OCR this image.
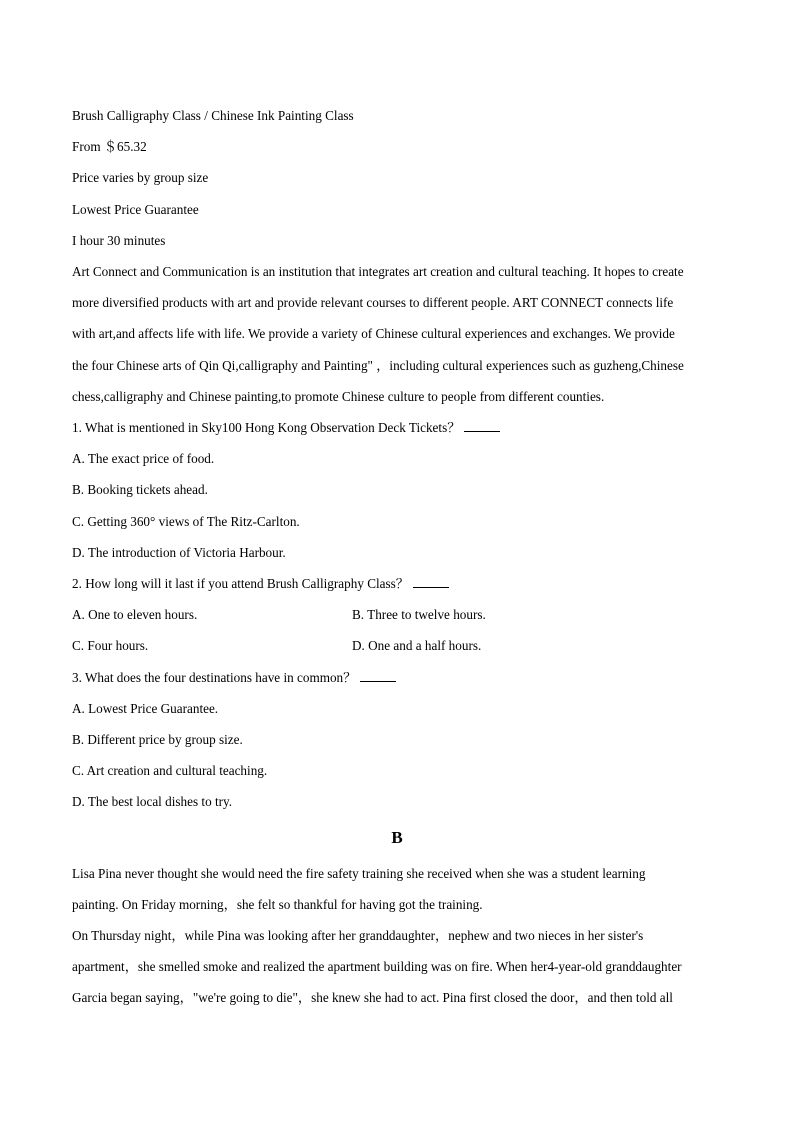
Brush Calligraphy Class / Chinese Ink Painting Class
From ＄65.32
Price varies by group size
Lowest Price Guarantee
I hour 30 minutes
Art Connect and Communication is an institution that integrates art creation and cultural teaching. It hopes to create
more diversified products with art and provide relevant courses to different people. ART CONNECT connects life
with art,and affects life with life. We provide a variety of Chinese cultural experiences and exchanges. We provide
the four Chinese arts of Qin Qi,calligraphy and Painting" ，including cultural experiences such as guzheng,Chinese
chess,calligraphy and Chinese painting,to promote Chinese culture to people from different counties.
1. What is mentioned in Sky100 Hong Kong Observation Deck Tickets？
A. The exact price of food.
B. Booking tickets ahead.
C. Getting 360° views of The Ritz-Carlton.
D. The introduction of Victoria Harbour.
2. How long will it last if you attend Brush Calligraphy Class？
A. One to eleven hours.	B. Three to twelve hours.
C. Four hours.	D. One and a half hours.
3. What does the four destinations have in common？
A. Lowest Price Guarantee.
B. Different price by group size.
C. Art creation and cultural teaching.
D. The best local dishes to try.
B
Lisa Pina never thought she would need the fire safety training she received when she was a student learning
painting. On Friday morning，she felt so thankful for having got the training.
On Thursday night，while Pina was looking after her granddaughter，nephew and two nieces in her sister's
apartment，she smelled smoke and realized the apartment building was on fire. When her4-year-old granddaughter
Garcia began saying，"we're going to die"，she knew she had to act. Pina first closed the door，and then told all
